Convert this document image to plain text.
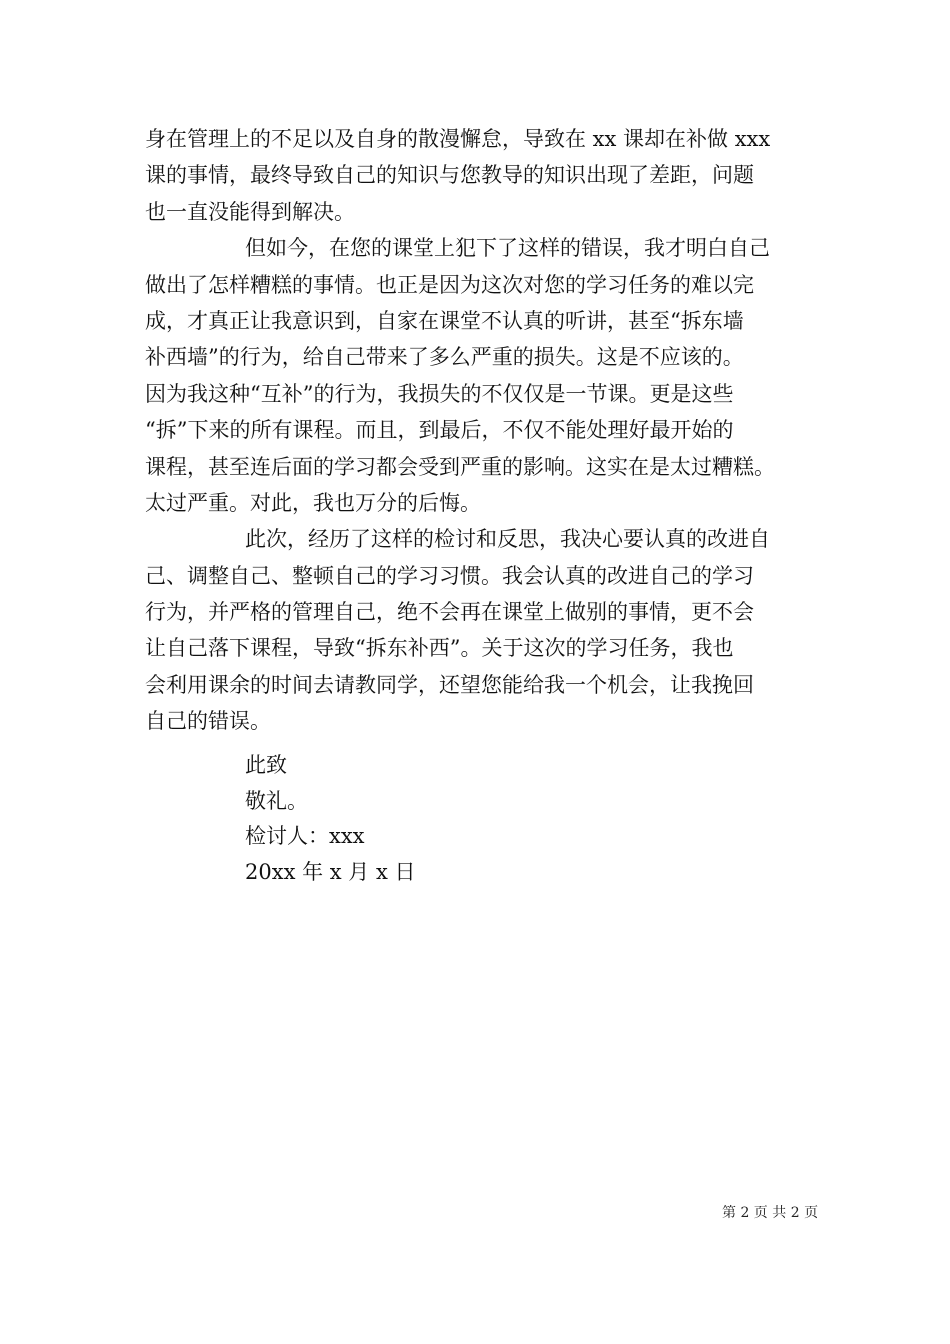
身在管理上的不足以及自身的散漫懈怠，导致在 xx 课却在补做 xxx
课的事情，最终导致自己的知识与您教导的知识出现了差距，问题
也一直没能得到解决。
但如今，在您的课堂上犯下了这样的错误，我才明白自己
做出了怎样糟糕的事情。也正是因为这次对您的学习任务的难以完
成，才真正让我意识到，自家在课堂不认真的听讲，甚至“拆东墙
补西墙”的行为，给自己带来了多么严重的损失。这是不应该的。
因为我这种“互补”的行为，我损失的不仅仅是一节课。更是这些
“拆”下来的所有课程。而且，到最后，不仅不能处理好最开始的
课程，甚至连后面的学习都会受到严重的影响。这实在是太过糟糕。
太过严重。对此，我也万分的后悔。
此次，经历了这样的检讨和反思，我决心要认真的改进自
己、调整自己、整顿自己的学习习惯。我会认真的改进自己的学习
行为，并严格的管理自己，绝不会再在课堂上做别的事情，更不会
让自己落下课程，导致“拆东补西”。关于这次的学习任务，我也
会利用课余的时间去请教同学，还望您能给我一个机会，让我挽回
自己的错误。
此致
敬礼。
检讨人：xxx
20xx 年 x 月 x 日
第 2 页 共 2 页
